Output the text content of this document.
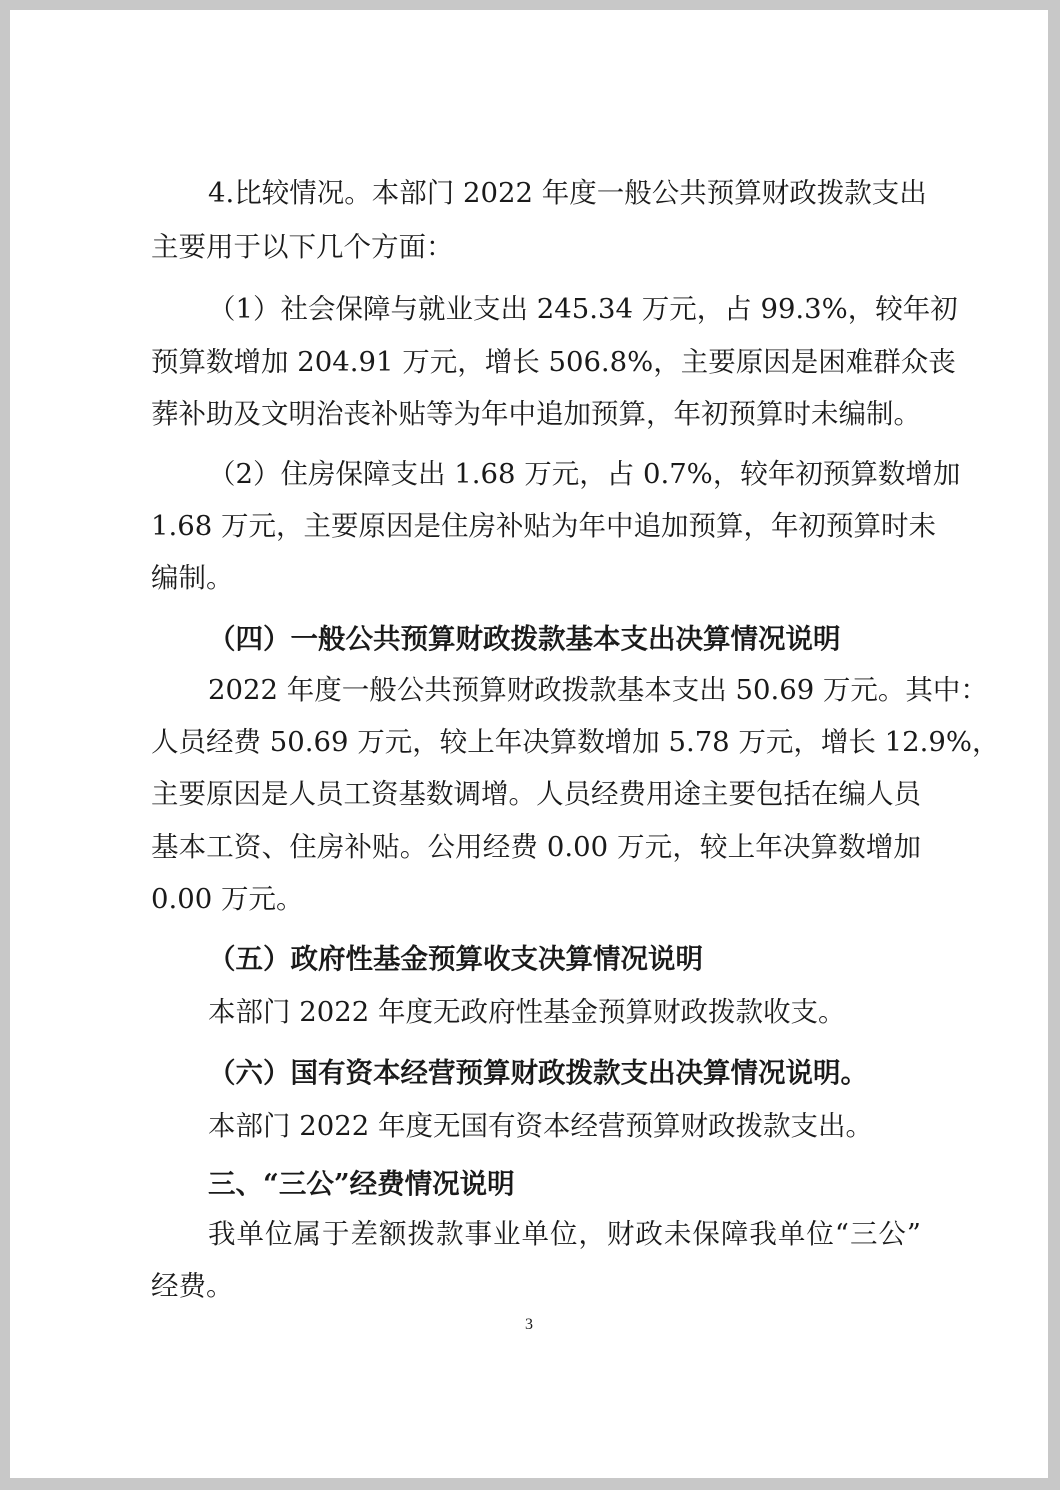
4.比较情况。本部门 2022 年度一般公共预算财政拨款支出
主要用于以下几个方面：
（1）社会保障与就业支出 245.34 万元，占 99.3%，较年初
预算数增加 204.91 万元，增长 506.8%，主要原因是困难群众丧
葬补助及文明治丧补贴等为年中追加预算，年初预算时未编制。
（2）住房保障支出 1.68 万元，占 0.7%，较年初预算数增加
1.68 万元，主要原因是住房补贴为年中追加预算，年初预算时未
编制。
（四）一般公共预算财政拨款基本支出决算情况说明
2022 年度一般公共预算财政拨款基本支出 50.69 万元。其中：
人员经费 50.69 万元，较上年决算数增加 5.78 万元，增长 12.9%，
主要原因是人员工资基数调增。人员经费用途主要包括在编人员
基本工资、住房补贴。公用经费 0.00 万元，较上年决算数增加
0.00 万元。
（五）政府性基金预算收支决算情况说明
本部门 2022 年度无政府性基金预算财政拨款收支。
（六）国有资本经营预算财政拨款支出决算情况说明。
本部门 2022 年度无国有资本经营预算财政拨款支出。
三、“三公”经费情况说明
我单位属于差额拨款事业单位，财政未保障我单位“三公”
经费。
3
